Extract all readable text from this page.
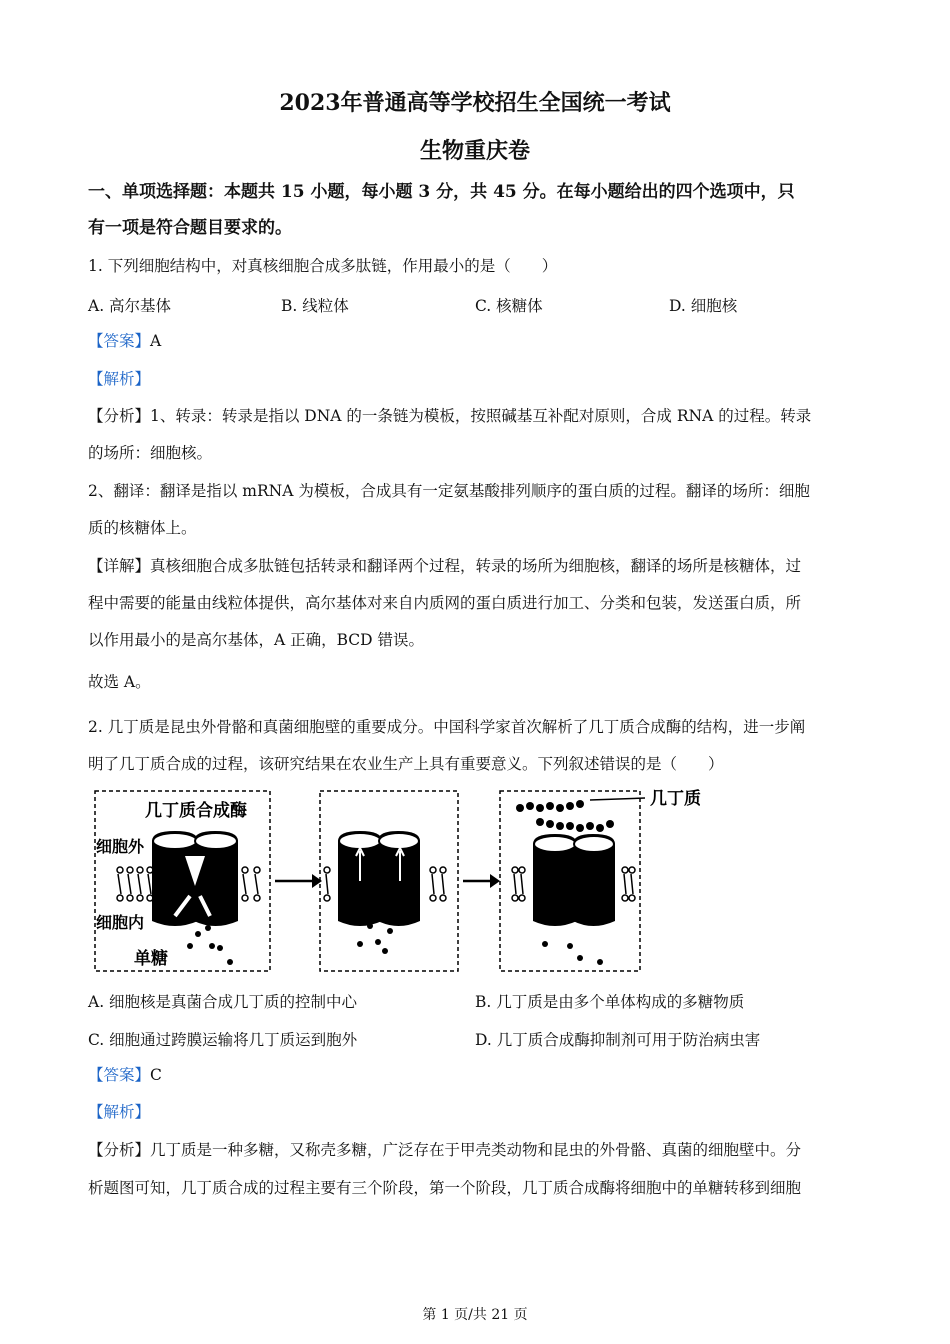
2023年普通高等学校招生全国统一考试
生物重庆卷
一、单项选择题：本题共 15 小题，每小题 3 分，共 45 分。在每小题给出的四个选项中，只
有一项是符合题目要求的。
1. 下列细胞结构中，对真核细胞合成多肽链，作用最小的是（　　）
A. 高尔基体	B. 线粒体	C. 核糖体	D. 细胞核
【答案】A
【解析】
【分析】1、转录：转录是指以 DNA 的一条链为模板，按照碱基互补配对原则，合成 RNA 的过程。转录
的场所：细胞核。
2、翻译：翻译是指以 mRNA 为模板，合成具有一定氨基酸排列顺序的蛋白质的过程。翻译的场所：细胞
质的核糖体上。
【详解】真核细胞合成多肽链包括转录和翻译两个过程，转录的场所为细胞核，翻译的场所是核糖体，过
程中需要的能量由线粒体提供，高尔基体对来自内质网的蛋白质进行加工、分类和包装，发送蛋白质，所
以作用最小的是高尔基体，A 正确，BCD 错误。
故选 A。
2. 几丁质是昆虫外骨骼和真菌细胞壁的重要成分。中国科学家首次解析了几丁质合成酶的结构，进一步阐
明了几丁质合成的过程，该研究结果在农业生产上具有重要意义。下列叙述错误的是（　　）
几丁质合成酶
细胞外
细胞内
单糖
几丁质
A. 细胞核是真菌合成几丁质的控制中心	B. 几丁质是由多个单体构成的多糖物质
C. 细胞通过跨膜运输将几丁质运到胞外	D. 几丁质合成酶抑制剂可用于防治病虫害
【答案】C
【解析】
【分析】几丁质是一种多糖，又称壳多糖，广泛存在于甲壳类动物和昆虫的外骨骼、真菌的细胞壁中。分
析题图可知，几丁质合成的过程主要有三个阶段，第一个阶段，几丁质合成酶将细胞中的单糖转移到细胞
第 1 页/共 21 页
